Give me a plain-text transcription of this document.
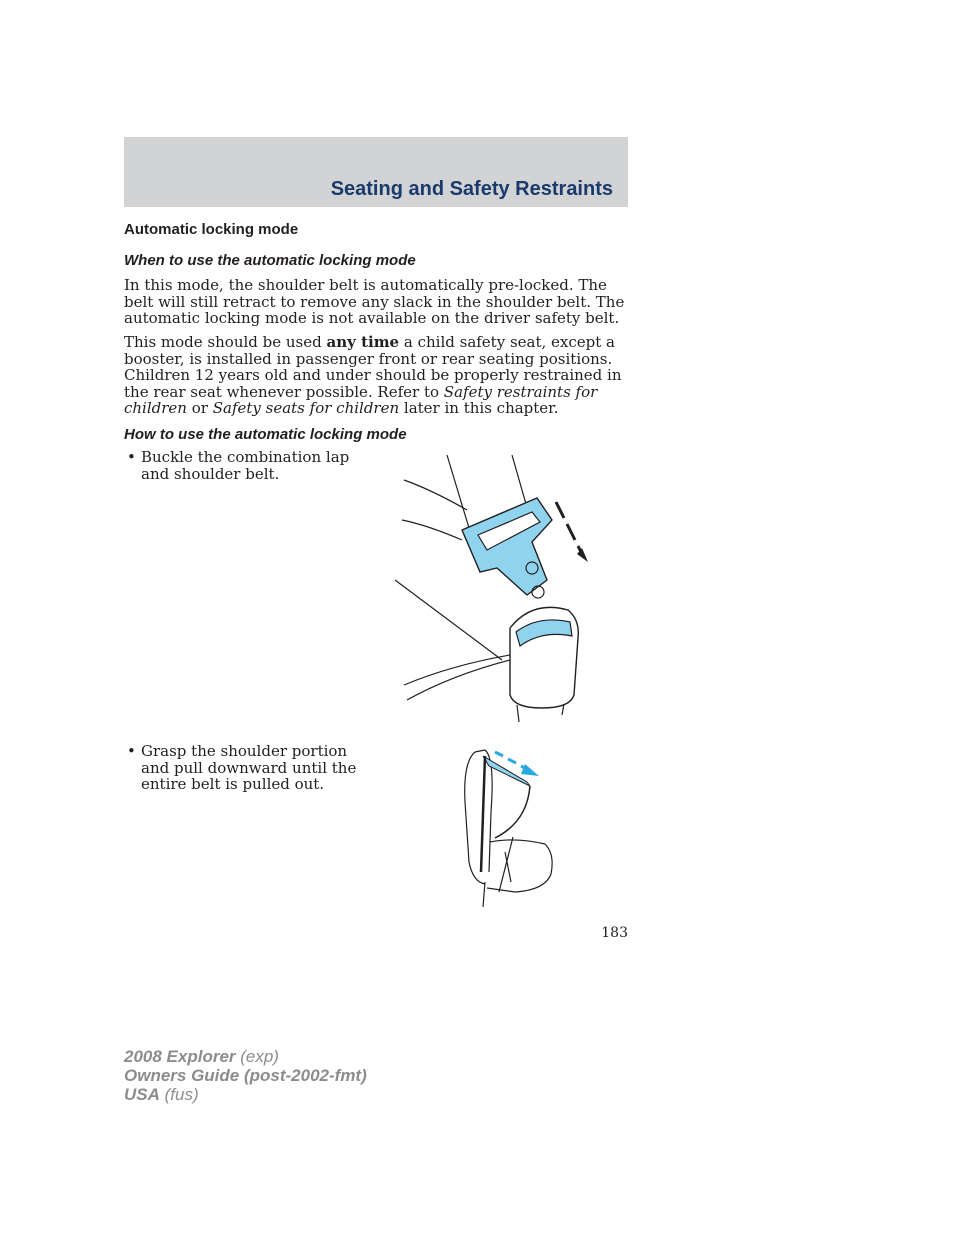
Seating and Safety Restraints
Automatic locking mode
When to use the automatic locking mode

In this mode, the shoulder belt is automatically pre-locked. The belt will still retract to remove any slack in the shoulder belt. The automatic locking mode is not available on the driver safety belt.

This mode should be used any time a child safety seat, except a booster, is installed in passenger front or rear seating positions. Children 12 years old and under should be properly restrained in the rear seat whenever possible. Refer to Safety restraints for children or Safety seats for children later in this chapter.

How to use the automatic locking mode
• Buckle the combination lap and shoulder belt.
• Grasp the shoulder portion and pull downward until the entire belt is pulled out.
183
2008 Explorer (exp)
Owners Guide (post-2002-fmt)
USA (fus)
